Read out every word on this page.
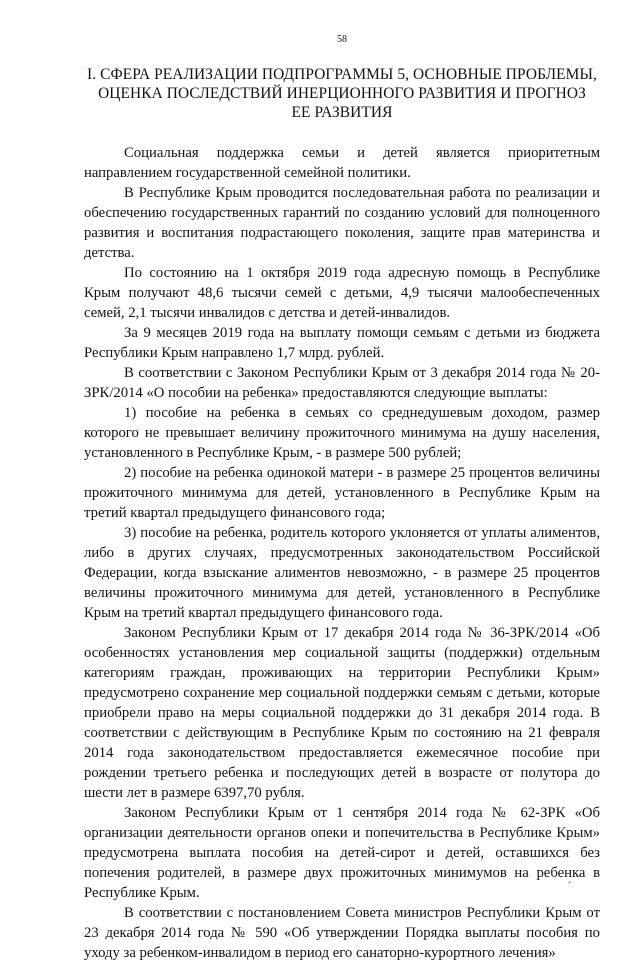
58
I. СФЕРА РЕАЛИЗАЦИИ ПОДПРОГРАММЫ 5, ОСНОВНЫЕ ПРОБЛЕМЫ,
ОЦЕНКА ПОСЛЕДСТВИЙ ИНЕРЦИОННОГО РАЗВИТИЯ И ПРОГНОЗ
ЕЕ РАЗВИТИЯ

Социальная поддержка семьи и детей является приоритетным направлением государственной семейной политики.

В Республике Крым проводится последовательная работа по реализации и обеспечению государственных гарантий по созданию условий для полноценного развития и воспитания подрастающего поколения, защите прав материнства и детства.

По состоянию на 1 октября 2019 года адресную помощь в Республике Крым получают 48,6 тысячи семей с детьми, 4,9 тысячи малообеспеченных семей, 2,1 тысячи инвалидов с детства и детей-инвалидов.

За 9 месяцев 2019 года на выплату помощи семьям с детьми из бюджета Республики Крым направлено 1,7 млрд. рублей.

В соответствии с Законом Республики Крым от 3 декабря 2014 года № 20-ЗРК/2014 «О пособии на ребенка» предоставляются следующие выплаты:

1) пособие на ребенка в семьях со среднедушевым доходом, размер которого не превышает величину прожиточного минимума на душу населения, установленного в Республике Крым, - в размере 500 рублей;

2) пособие на ребенка одинокой матери - в размере 25 процентов величины прожиточного минимума для детей, установленного в Республике Крым на третий квартал предыдущего финансового года;

3) пособие на ребенка, родитель которого уклоняется от уплаты алиментов, либо в других случаях, предусмотренных законодательством Российской Федерации, когда взыскание алиментов невозможно, - в размере 25 процентов величины прожиточного минимума для детей, установленного в Республике Крым на третий квартал предыдущего финансового года.

Законом Республики Крым от 17 декабря 2014 года № 36-ЗРК/2014 «Об особенностях установления мер социальной защиты (поддержки) отдельным категориям граждан, проживающих на территории Республики Крым» предусмотрено сохранение мер социальной поддержки семьям с детьми, которые приобрели право на меры социальной поддержки до 31 декабря 2014 года. В соответствии с действующим в Республике Крым по состоянию на 21 февраля 2014 года законодательством предоставляется ежемесячное пособие при рождении третьего ребенка и последующих детей в возрасте от полутора до шести лет в размере 6397,70 рубля.

Законом Республики Крым от 1 сентября 2014 года № 62-ЗРК «Об организации деятельности органов опеки и попечительства в Республике Крым» предусмотрена выплата пособия на детей-сирот и детей, оставшихся без попечения родителей, в размере двух прожиточных минимумов на ребенка в Республике Крым.

В соответствии с постановлением Совета министров Республики Крым от 23 декабря 2014 года № 590 «Об утверждении Порядка выплаты пособия по уходу за ребенком-инвалидом в период его санаторно-курортного лечения»

·
